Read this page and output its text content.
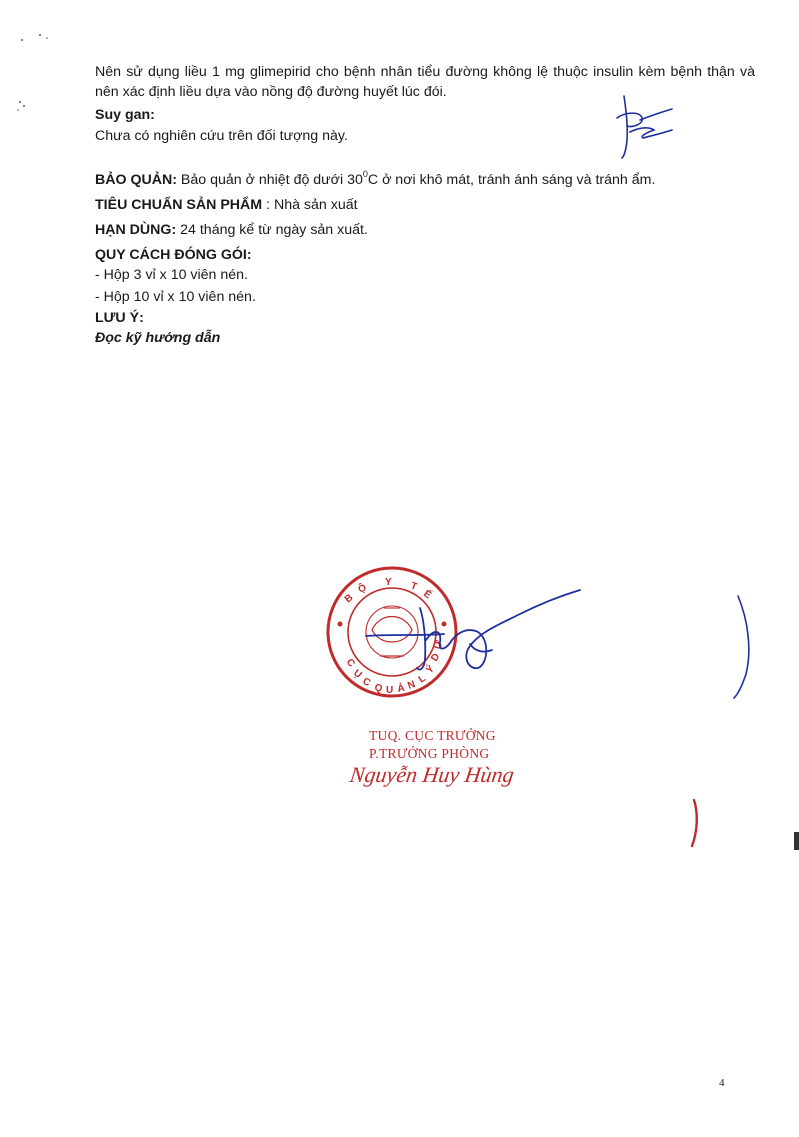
Nên sử dụng liều 1 mg glimepirid cho bệnh nhân tiểu đường không lệ thuộc insulin kèm bệnh thận và nên xác định liều dựa vào nồng độ đường huyết lúc đói.

Suy gan:
Chưa có nghiên cứu trên đối tượng này.
BẢO QUẢN: Bảo quản ở nhiệt độ dưới $30^0C$ ở nơi khô mát, tránh ánh sáng và tránh ẩm.
TIÊU CHUẨN SẢN PHẨM : Nhà sản xuất
HẠN DÙNG: 24 tháng kể từ ngày sản xuất.
QUY CÁCH ĐÓNG GÓI:
- Hộp 3 vỉ x 10 viên nén.
- Hộp 10 vỉ x 10 viên nén.
LƯU Ý:
Đọc kỹ hướng dẫn
B
Ộ Y T
Ế
C
Ụ
C Q U Ả N L
Ý
D
Ư
TUQ. CỤC TRƯỞNG
P.TRƯỞNG PHÒNG
Nguyễn Huy Hùng
4
